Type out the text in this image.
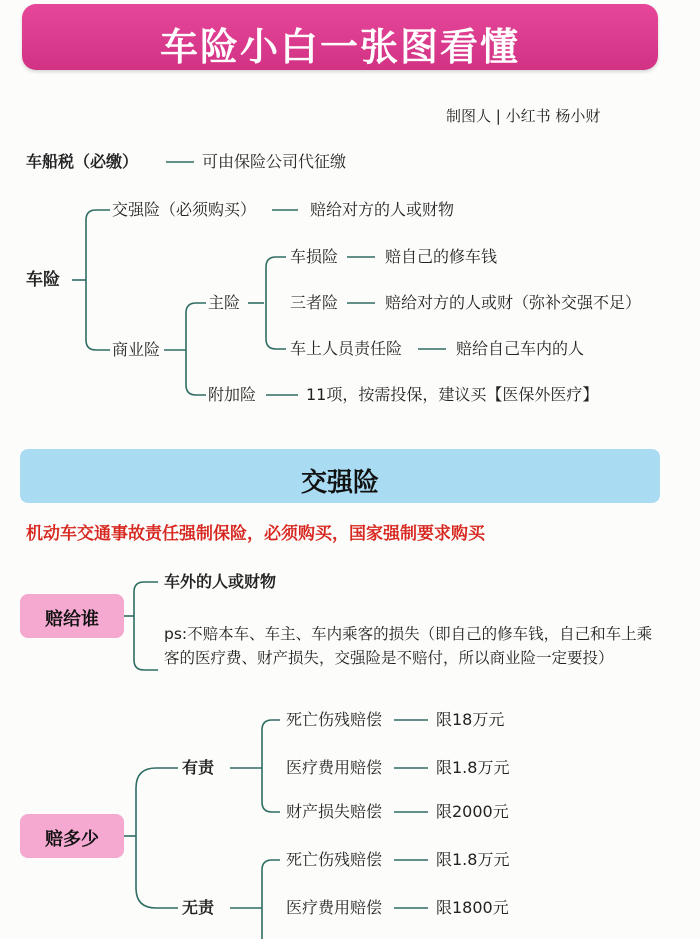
车险小白一张图看懂
制图人 | 小红书 杨小财
车船税（必缴）	可由保险公司代征缴
车险
交强险（必须购买）	赔给对方的人或财物
商业险
主险
车损险	赔自己的修车钱
三者险	赔给对方的人或财（弥补交强不足）
车上人员责任险	赔给自己车内的人
附加险	11项，按需投保，建议买【医保外医疗】
交强险
机动车交通事故责任强制保险，必须购买，国家强制要求购买
赔给谁
车外的人或财物
ps:不赔本车、车主、车内乘客的损失（即自己的修车钱，自己和车上乘客的医疗费、财产损失，交强险是不赔付，所以商业险一定要投）
赔多少
有责
死亡伤残赔偿	限18万元
医疗费用赔偿	限1.8万元
财产损失赔偿	限2000元
无责
死亡伤残赔偿	限1.8万元
医疗费用赔偿	限1800元
